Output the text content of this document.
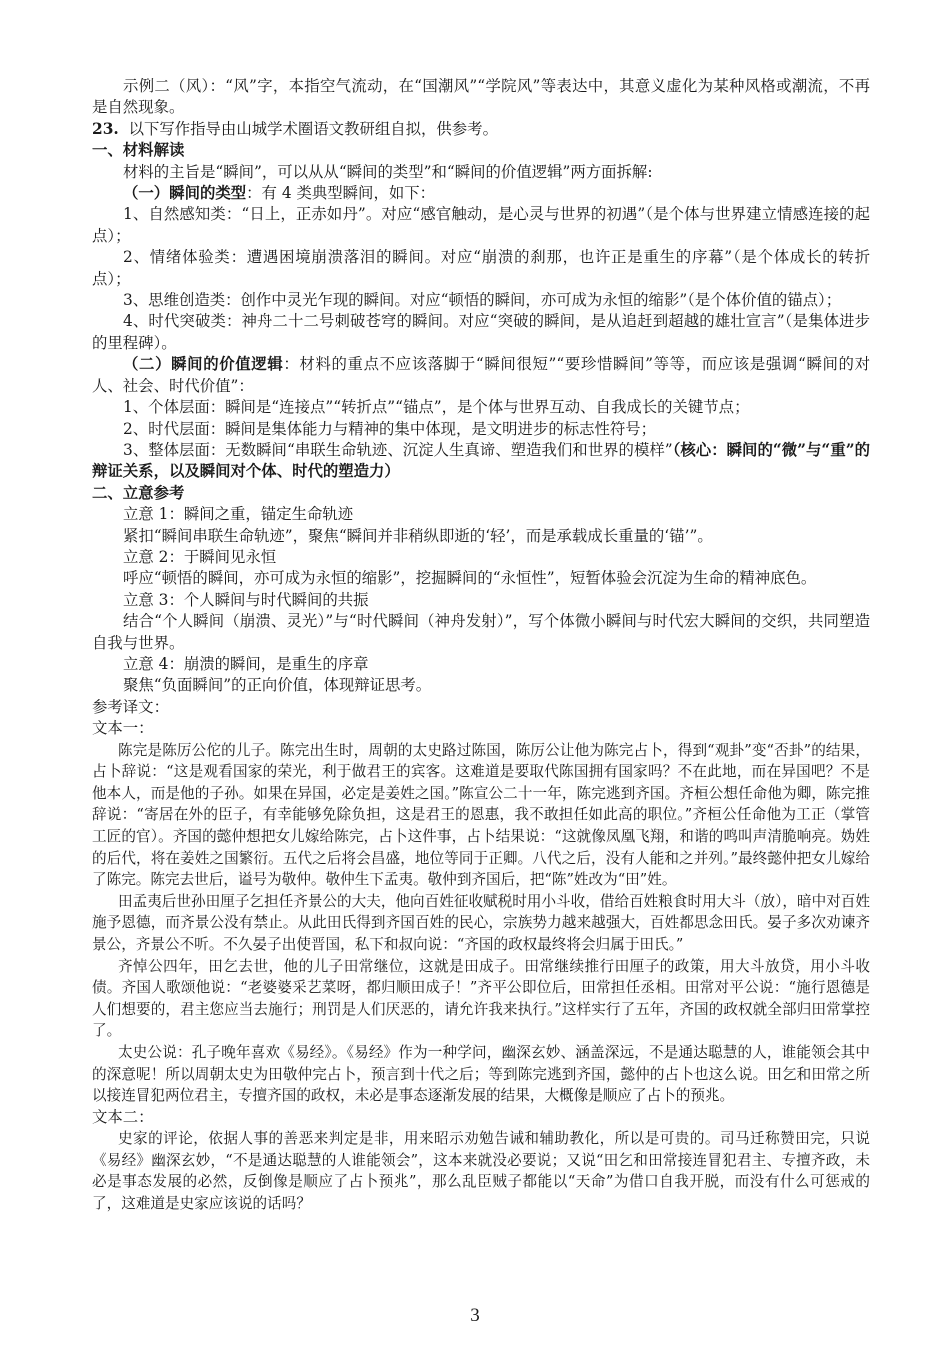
示例二（风）：“风”字，本指空气流动，在“国潮风”“学院风”等表达中，其意义虚化为某种风格或潮流，不再是自然现象。

23. 以下写作指导由山城学术圈语文教研组自拟，供参考。

一、材料解读

材料的主旨是“瞬间”，可以从从“瞬间的类型”和“瞬间的价值逻辑”两方面拆解:

（一）瞬间的类型：有 4 类典型瞬间，如下：

1、自然感知类：“日上，正赤如丹”。对应“感官触动，是心灵与世界的初遇”（是个体与世界建立情感连接的起点）；

2、情绪体验类：遭遇困境崩溃落泪的瞬间。对应“崩溃的刹那，也许正是重生的序幕”（是个体成长的转折点）；

3、思维创造类：创作中灵光乍现的瞬间。对应“顿悟的瞬间，亦可成为永恒的缩影”（是个体价值的锚点）；

4、时代突破类：神舟二十二号刺破苍穹的瞬间。对应“突破的瞬间，是从追赶到超越的雄壮宣言”（是集体进步的里程碑）。

（二）瞬间的价值逻辑：材料的重点不应该落脚于“瞬间很短”“要珍惜瞬间”等等，而应该是强调“瞬间的对人、社会、时代价值”：

1、个体层面：瞬间是“连接点”“转折点”“锚点”，是个体与世界互动、自我成长的关键节点；

2、时代层面：瞬间是集体能力与精神的集中体现，是文明进步的标志性符号；

3、整体层面：无数瞬间“串联生命轨迹、沉淀人生真谛、塑造我们和世界的模样”（核心：瞬间的“微”与“重”的辩证关系，以及瞬间对个体、时代的塑造力）

二、立意参考

立意 1：瞬间之重，锚定生命轨迹

紧扣“瞬间串联生命轨迹”，聚焦“瞬间并非稍纵即逝的‘轻’，而是承载成长重量的‘锚’”。

立意 2：于瞬间见永恒

呼应“顿悟的瞬间，亦可成为永恒的缩影”，挖掘瞬间的“永恒性”，短暂体验会沉淀为生命的精神底色。

立意 3：个人瞬间与时代瞬间的共振

结合“个人瞬间（崩溃、灵光）”与“时代瞬间（神舟发射）”，写个体微小瞬间与时代宏大瞬间的交织，共同塑造自我与世界。

立意 4：崩溃的瞬间，是重生的序章

聚焦“负面瞬间”的正向价值，体现辩证思考。

参考译文：

文本一：

陈完是陈厉公佗的儿子。陈完出生时，周朝的太史路过陈国，陈厉公让他为陈完占卜，得到“观卦”变“否卦”的结果，占卜辞说：“这是观看国家的荣光，利于做君王的宾客。这难道是要取代陈国拥有国家吗？不在此地，而在异国吧？不是他本人，而是他的子孙。如果在异国，必定是姜姓之国。”陈宣公二十一年，陈完逃到齐国。齐桓公想任命他为卿，陈完推辞说：“寄居在外的臣子，有幸能够免除负担，这是君王的恩惠，我不敢担任如此高的职位。”齐桓公任命他为工正（掌管工匠的官）。齐国的懿仲想把女儿嫁给陈完，占卜这件事，占卜结果说：“这就像凤凰飞翔，和谐的鸣叫声清脆响亮。妫姓的后代，将在姜姓之国繁衍。五代之后将会昌盛，地位等同于正卿。八代之后，没有人能和之并列。”最终懿仲把女儿嫁给了陈完。陈完去世后，谥号为敬仲。敬仲生下孟夷。敬仲到齐国后，把“陈”姓改为“田”姓。

田孟夷后世孙田厘子乞担任齐景公的大夫，他向百姓征收赋税时用小斗收，借给百姓粮食时用大斗（放），暗中对百姓施予恩德，而齐景公没有禁止。从此田氏得到齐国百姓的民心，宗族势力越来越强大，百姓都思念田氏。晏子多次劝谏齐景公，齐景公不听。不久晏子出使晋国，私下和叔向说：“齐国的政权最终将会归属于田氏。”

齐悼公四年，田乞去世，他的儿子田常继位，这就是田成子。田常继续推行田厘子的政策，用大斗放贷，用小斗收债。齐国人歌颂他说：“老婆婆采艺菜呀，都归顺田成子！”齐平公即位后，田常担任丞相。田常对平公说：“施行恩德是人们想要的，君主您应当去施行；刑罚是人们厌恶的，请允许我来执行。”这样实行了五年，齐国的政权就全部归田常掌控了。

太史公说：孔子晚年喜欢《易经》。《易经》作为一种学问，幽深玄妙、涵盖深远，不是通达聪慧的人，谁能领会其中的深意呢！所以周朝太史为田敬仲完占卜，预言到十代之后；等到陈完逃到齐国，懿仲的占卜也这么说。田乞和田常之所以接连冒犯两位君主，专擅齐国的政权，未必是事态逐渐发展的结果，大概像是顺应了占卜的预兆。

文本二：

史家的评论，依据人事的善恶来判定是非，用来昭示劝勉告诫和辅助教化，所以是可贵的。司马迁称赞田完，只说《易经》幽深玄妙，“不是通达聪慧的人谁能领会”，这本来就没必要说；又说“田乞和田常接连冒犯君主、专擅齐政，未必是事态发展的必然，反倒像是顺应了占卜预兆”，那么乱臣贼子都能以“天命”为借口自我开脱，而没有什么可惩戒的了，这难道是史家应该说的话吗？

3
